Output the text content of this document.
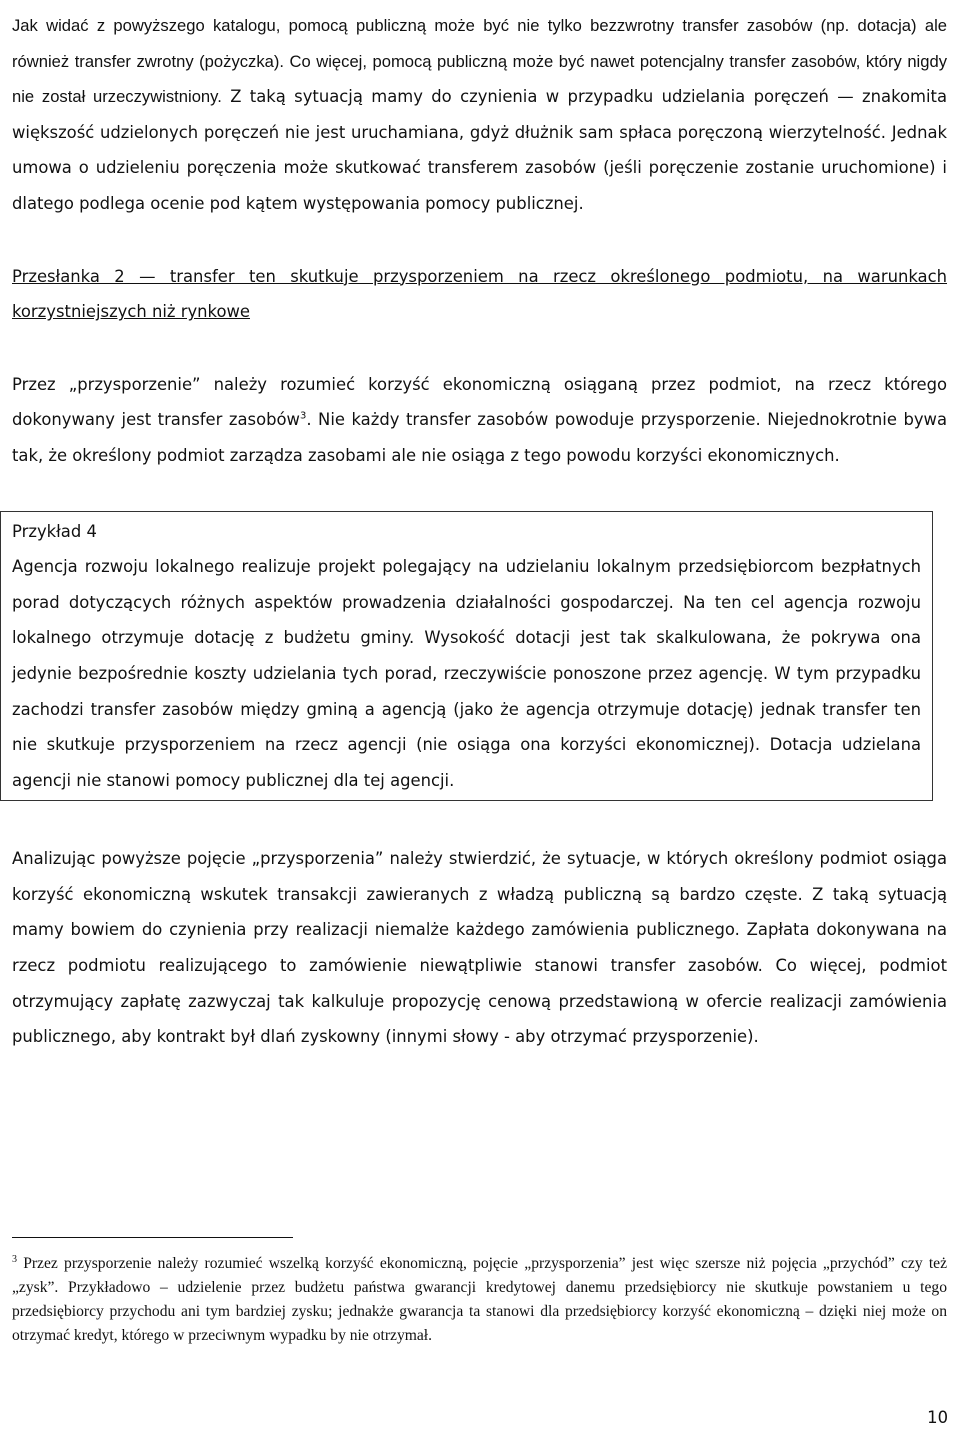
Jak widać z powyższego katalogu, pomocą publiczną może być nie tylko bezzwrotny transfer zasobów (np. dotacja) ale również transfer zwrotny (pożyczka). Co więcej, pomocą publiczną może być nawet potencjalny transfer zasobów, który nigdy nie został urzeczywistniony. Z taką sytuacją mamy do czynienia w przypadku udzielania poręczeń — znakomita większość udzielonych poręczeń nie jest uruchamiana, gdyż dłużnik sam spłaca poręczoną wierzytelność. Jednak umowa o udzieleniu poręczenia może skutkować transferem zasobów (jeśli poręczenie zostanie uruchomione) i dlatego podlega ocenie pod kątem występowania pomocy publicznej.

Przesłanka 2 — transfer ten skutkuje przysporzeniem na rzecz określonego podmiotu, na warunkach korzystniejszych niż rynkowe

Przez „przysporzenie” należy rozumieć korzyść ekonomiczną osiąganą przez podmiot, na rzecz którego dokonywany jest transfer zasobów$^3$. Nie każdy transfer zasobów powoduje przysporzenie. Niejednokrotnie bywa tak, że określony podmiot zarządza zasobami ale nie osiąga z tego powodu korzyści ekonomicznych.

Przykład 4

Agencja rozwoju lokalnego realizuje projekt polegający na udzielaniu lokalnym przedsiębiorcom bezpłatnych porad dotyczących różnych aspektów prowadzenia działalności gospodarczej. Na ten cel agencja rozwoju lokalnego otrzymuje dotację z budżetu gminy. Wysokość dotacji jest tak skalkulowana, że pokrywa ona jedynie bezpośrednie koszty udzielania tych porad, rzeczywiście ponoszone przez agencję. W tym przypadku zachodzi transfer zasobów między gminą a agencją (jako że agencja otrzymuje dotację) jednak transfer ten nie skutkuje przysporzeniem na rzecz agencji (nie osiąga ona korzyści ekonomicznej). Dotacja udzielana agencji nie stanowi pomocy publicznej dla tej agencji.

Analizując powyższe pojęcie „przysporzenia” należy stwierdzić, że sytuacje, w których określony podmiot osiąga korzyść ekonomiczną wskutek transakcji zawieranych z władzą publiczną są bardzo częste. Z taką sytuacją mamy bowiem do czynienia przy realizacji niemalże każdego zamówienia publicznego. Zapłata dokonywana na rzecz podmiotu realizującego to zamówienie niewątpliwie stanowi transfer zasobów. Co więcej, podmiot otrzymujący zapłatę zazwyczaj tak kalkuluje propozycję cenową przedstawioną w ofercie realizacji zamówienia publicznego, aby kontrakt był dlań zyskowny (innymi słowy - aby otrzymać przysporzenie).

$^3$ Przez przysporzenie należy rozumieć wszelką korzyść ekonomiczną, pojęcie „przysporzenia” jest więc szersze niż pojęcia „przychód” czy też „zysk”. Przykładowo – udzielenie przez budżetu państwa gwarancji kredytowej danemu przedsiębiorcy nie skutkuje powstaniem u tego przedsiębiorcy przychodu ani tym bardziej zysku; jednakże gwarancja ta stanowi dla przedsiębiorcy korzyść ekonomiczną – dzięki niej może on otrzymać kredyt, którego w przeciwnym wypadku by nie otrzymał.

10
